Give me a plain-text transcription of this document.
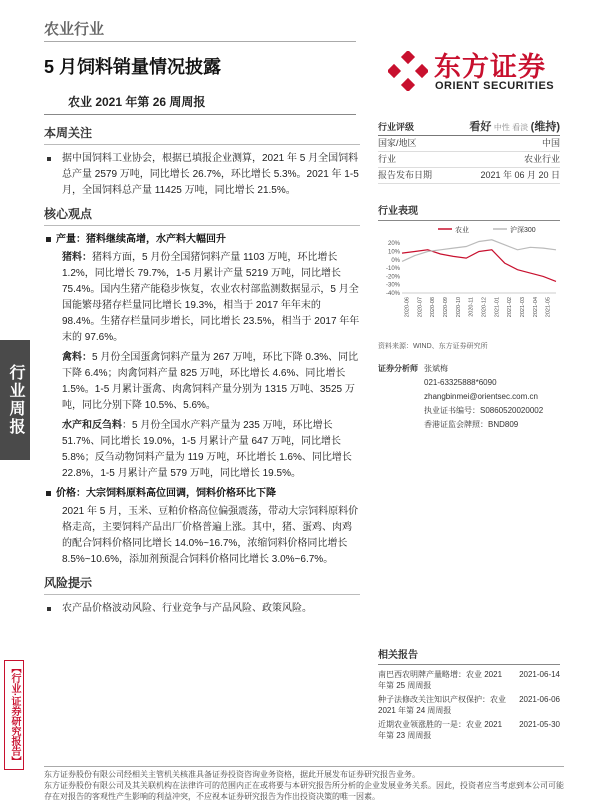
农业行业
5 月饲料销量情况披露
农业 2021 年第 26 周周报
东方证券
ORIENT SECURITIES
行业周报
【行业·证券研究报告】
本周关注
据中国饲料工业协会，根据已填报企业测算，2021 年 5 月全国饲料总产量 2579 万吨，同比增长 26.7%，环比增长 5.3%。2021 年 1-5 月，全国饲料总产量 11425 万吨，同比增长 21.5%。
核心观点
产量：猪料继续高增，水产料大幅回升
猪料：猪料方面，5 月份全国猪饲料产量 1103 万吨，环比增长 1.2%，同比增长 79.7%，1-5 月累计产量 5219 万吨，同比增长 75.4%。国内生猪产能稳步恢复，农业农村部监测数据显示，5 月全国能繁母猪存栏量同比增长 19.3%，相当于 2017 年年末的 98.4%。生猪存栏量同步增长，同比增长 23.5%，相当于 2017 年年末的 97.6%。
禽料：5 月份全国蛋禽饲料产量为 267 万吨，环比下降 0.3%、同比下降 6.4%；肉禽饲料产量 825 万吨，环比增长 4.6%、同比增长 1.5%。1-5 月累计蛋禽、肉禽饲料产量分别为 1315 万吨、3525 万吨，同比分别下降 10.5%、5.6%。
水产和反刍料：5 月份全国水产料产量为 235 万吨，环比增长 51.7%、同比增长 19.0%，1-5 月累计产量 647 万吨，同比增长 5.8%；反刍动物饲料产量为 119 万吨，环比增长 1.6%、同比增长 22.8%，1-5 月累计产量 579 万吨，同比增长 19.5%。
价格：大宗饲料原料高位回调，饲料价格环比下降
2021 年 5 月，玉米、豆粕价格高位偏强震荡，带动大宗饲料原料价格走高，主要饲料产品出厂价格普遍上涨。其中，猪、蛋鸡、肉鸡的配合饲料价格同比增长 14.0%~16.7%，浓缩饲料价格同比增长 8.5%~10.6%，添加剂预混合饲料价格同比增长 3.0%~6.7%。
风险提示
农产品价格波动风险、行业竞争与产品风险、政策风险。
行业评级	看好 中性 看淡 (维持)
国家/地区	中国
行业	农业行业
报告发布日期	2021 年 06 月 20 日
行业表现
农业	沪深300
20%
10%
0%
-10%
-20%
-30%
-40%
2020-06 2020-07 2020-08 2020-09 2020-10 2020-11 2020-12 2021-01 2021-02 2021-03 2021-04 2021-05
资料来源：WIND、东方证券研究所
证券分析师 张斌梅
021-63325888*6090
zhangbinmei@orientsec.com.cn
执业证书编号：S0860520020002
香港证监会牌照：BND809
相关报告
南巴西农明牌产量略增：农业 2021 年第 25 周周报
2021-06-14
种子法修改关注知识产权保护：农业 2021 年第 24 周周报
2021-06-06
近期农业领涨胜的一是：农业 2021 年第 23 周周报
2021-05-30
东方证券股份有限公司经相关主管机关核准具备证券投资咨询业务资格，据此开展发布证券研究报告业务。
东方证券股份有限公司及其关联机构在法律许可的范围内正在或将要与本研究报告所分析的企业发展业务关系。因此，投资者应当考虑到本公司可能存在对报告的客观性产生影响的利益冲突，不应视本证券研究报告为作出投资决策的唯一因素。
